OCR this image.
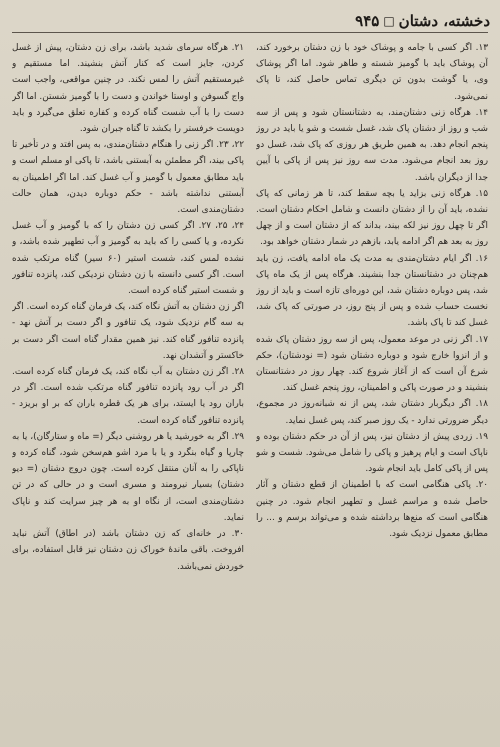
دخشته، دشتان
□
۹۴۵

۱۳. اگر کسی با جامه و پوشاک خود با زن دشتان برخورد کند، آن پوشاک باید با گومیز شسته و طاهر شود. اما اگر پوشاک وی، یا گوشت بدون تن دیگری تماس حاصل کند، تا پاک نمی‌شود.

۱۴. هرگاه زنی دشتان‌مند، به دشتانستان شود و پس از سه شب و روز از دشتان پاک شد، غسل شست و شو یا باید در روز پنجم انجام دهد. به همین طریق هر روزی که پاک شد، غسل دو روز بعد انجام می‌شود. مدت سه روز نیز پس از پاکی با آیین جدا از دیگران باشد.

۱۵. هرگاه زنی بزاید یا بچه سقط کند، تا هر زمانی که پاک نشده، باید آن را از دشتان دانست و شامل احکام دشتان است. اگر تا چهل روز نیز لکه بیند، بداند که از دشتان است و از چهل روز به بعد هم اگر ادامه یابد، بازهم در شمار دشتان خواهد بود.

۱۶. اگر ایام دشتان‌مندی به مدت یک ماه ادامه یافت، زن باید هم‌چنان در دشتانستان جدا بنشیند. هرگاه پس از یک ماه پاک شد، پس دوباره دشتان شد، این دوره‌ای تازه است و باید از روز نخست حساب شده و پس از پنج روز، در صورتی که پاک شد، غسل کند تا پاک باشد.

۱۷. اگر زنی در موعد معمول، پس از سه روز دشتان پاک شده و از انزوا خارج شود و دوباره دشتان شود (= نودشتان)، حکم شرع آن است که از آغاز شروع کند. چهار روز در دشتانستان بنشیند و در صورت پاکی و اطمینان، روز پنجم غسل کند.

۱۸. اگر دیگربار دشتان شد، پس از نه شبانه‌روز در مجموع، دیگر ضرورتی ندارد - یک روز صبر کند، پس غسل نماید.

۱۹. زردی پیش از دشتان نیز، پس از آن در حکم دشتان بوده و ناپاک است و ایام پرهیز و پاکی را شامل می‌شود. شست و شو پس از پاکی کامل باید انجام شود.

۲۰. پاکی هنگامی است که با اطمینان از قطع دشتان و آثار حاصل شده و مراسم غسل و تطهیر انجام شود. در چنین هنگامی است که منع‌ها برداشته شده و می‌تواند برسم و ... را مطابق معمول نزدیک شود.

۲۱. هرگاه سرمای شدید باشد، برای زن دشتان، پیش از غسل کردن، جایز است که کنار آتش بنشیند. اما مستقیم و غیرمستقیم آتش را لمس نکند. در چنین مواقعی، واجب است واج گسوفن و اوستا خواندن و دست را با گومیز شستن. اما اگر دست را با آب شست گناه کرده و کفاره تعلق می‌گیرد و باید دویست خرفستر را بکشد تا گناه جبران شود.

۲۲، ۲۳. اگر زنی را هنگام دشتان‌مندی، به پس افتد و در تأخیر تا پاکی بیند، اگر مطمئن به آبستنی باشد، تا پاکی او مسلم است و باید مطابق معمول با گومیز و آب غسل کند. اما اگر اطمینان به آبستنی نداشته باشد - حکم دوباره دیدن، همان حالت دشتان‌مندی است.

۲۴، ۲۵، ۲۷. اگر کسی زن دشتان را که با گومیز و آب غسل نکرده، و یا کسی را که باید به گومیز و آب تطهیر شده باشد، و نشده لمس کند، شست استیر (۶۰ سیر) گناه مرتکب شده است. اگر کسی دانسته با زن دشتان نزدیکی کند، پانزده تنافور و شست استیر گناه کرده است.

اگر زن دشتان به آتش نگاه کند، یک فرمان گناه کرده است. اگر به سه گام نزدیک شود، یک تنافور و اگر دست بر آتش نهد - پانزده تنافور گناه کند. نیز همین مقدار گناه است اگر دست بر خاکستر و آتشدان نهد.

۲۸. اگر زن دشتان به آب نگاه کند، یک فرمان گناه کرده است. اگر در آب رود پانزده تنافور گناه مرتکب شده است. اگر در باران رود یا ایستد، برای هر یک قطره باران که بر او بریزد - پانزده تنافور گناه کرده است.

۲۹. اگر به خورشید یا هر روشنی دیگر (= ماه و ستارگان)، یا به چارپا و گیاه بنگرد و یا با مرد اشو هم‌سخن شود، گناه کرده و ناپاکی را به آنان منتقل کرده است. چون دروج دشتان (= دیو دشتان) بسیار نیرومند و مسری است و در حالی که در تن دشتان‌مندی است، از نگاه او به هر چیز سرایت کند و ناپاک نماید.

۳۰. در خانه‌ای که زن دشتان باشد (در اطاق) آتش نباید افروخت. باقی ماندهٔ خوراک زن دشتان نیز قابل استفاده، برای خوردش نمی‌باشد.
